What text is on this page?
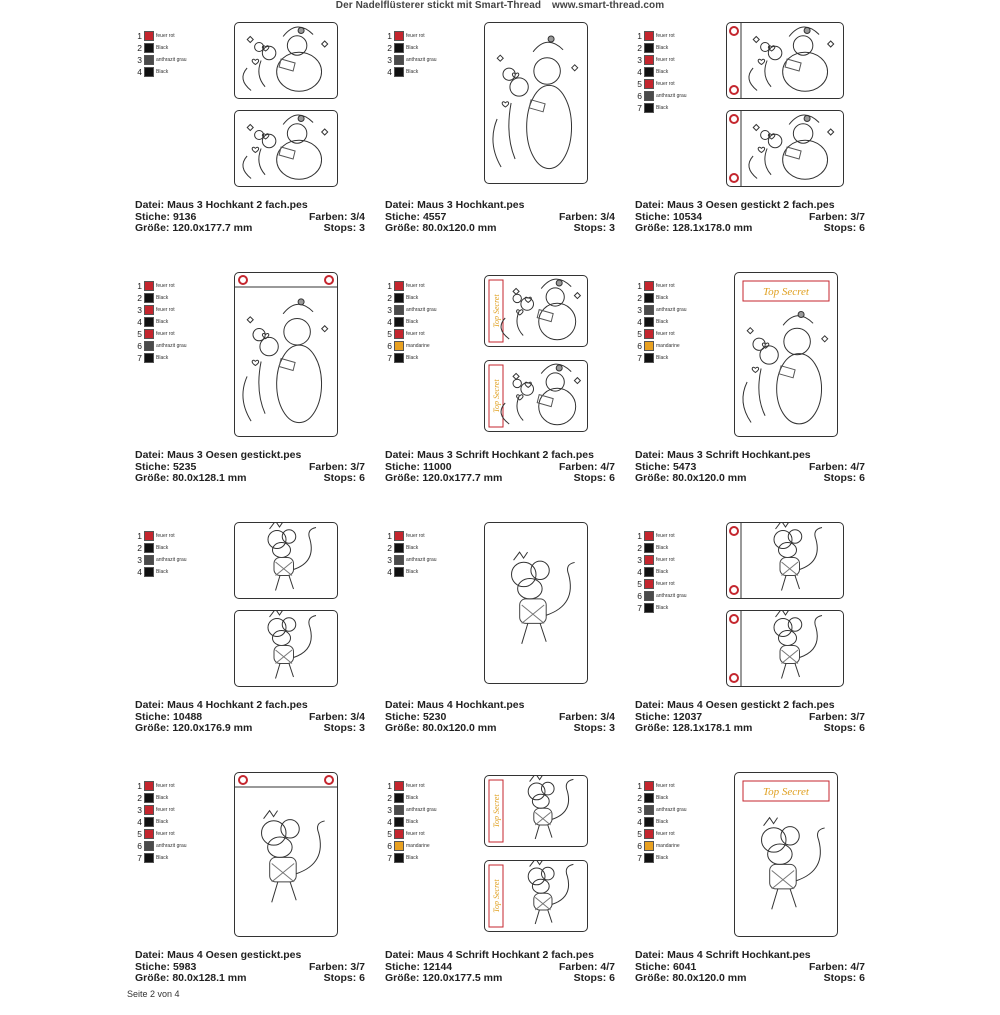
Der Nadelflüsterer stickt mit Smart-Thread www.smart-thread.com
1	feuer rot
2	Black
3	anthrazit grau
4	Black
Datei: Maus 3 Hochkant 2 fach.pes
Stiche: 9136	Farben: 3/4
Größe: 120.0x177.7 mm	Stops: 3
1	feuer rot
2	Black
3	anthrazit grau
4	Black
Datei: Maus 3 Hochkant.pes
Stiche: 4557	Farben: 3/4
Größe: 80.0x120.0 mm	Stops: 3
1	feuer rot
2	Black
3	feuer rot
4	Black
5	feuer rot
6	anthrazit grau
7	Black
Datei: Maus 3 Oesen gestickt 2 fach.pes
Stiche: 10534	Farben: 3/7
Größe: 128.1x178.0 mm	Stops: 6
1	feuer rot
2	Black
3	feuer rot
4	Black
5	feuer rot
6	anthrazit grau
7	Black
Datei: Maus 3 Oesen gestickt.pes
Stiche: 5235	Farben: 3/7
Größe: 80.0x128.1 mm	Stops: 6
1	feuer rot
2	Black
3	anthrazit grau
4	Black
5	feuer rot
6	mandarine
7	Black
Top Secret
Top Secret
Datei: Maus 3 Schrift Hochkant 2 fach.pes
Stiche: 11000	Farben: 4/7
Größe: 120.0x177.7 mm	Stops: 6
1	feuer rot
2	Black
3	anthrazit grau
4	Black
5	feuer rot
6	mandarine
7	Black
Top Secret
Datei: Maus 3 Schrift Hochkant.pes
Stiche: 5473	Farben: 4/7
Größe: 80.0x120.0 mm	Stops: 6
1	feuer rot
2	Black
3	anthrazit grau
4	Black
Datei: Maus 4 Hochkant 2 fach.pes
Stiche: 10488	Farben: 3/4
Größe: 120.0x176.9 mm	Stops: 3
1	feuer rot
2	Black
3	anthrazit grau
4	Black
Datei: Maus 4 Hochkant.pes
Stiche: 5230	Farben: 3/4
Größe: 80.0x120.0 mm	Stops: 3
1	feuer rot
2	Black
3	feuer rot
4	Black
5	feuer rot
6	anthrazit grau
7	Black
Datei: Maus 4 Oesen gestickt 2 fach.pes
Stiche: 12037	Farben: 3/7
Größe: 128.1x178.1 mm	Stops: 6
1	feuer rot
2	Black
3	feuer rot
4	Black
5	feuer rot
6	anthrazit grau
7	Black
Datei: Maus 4 Oesen gestickt.pes
Stiche: 5983	Farben: 3/7
Größe: 80.0x128.1 mm	Stops: 6
1	feuer rot
2	Black
3	anthrazit grau
4	Black
5	feuer rot
6	mandarine
7	Black
Top Secret
Top Secret
Datei: Maus 4 Schrift Hochkant 2 fach.pes
Stiche: 12144	Farben: 4/7
Größe: 120.0x177.5 mm	Stops: 6
1	feuer rot
2	Black
3	anthrazit grau
4	Black
5	feuer rot
6	mandarine
7	Black
Top Secret
Datei: Maus 4 Schrift Hochkant.pes
Stiche: 6041	Farben: 4/7
Größe: 80.0x120.0 mm	Stops: 6
Seite 2 von 4
